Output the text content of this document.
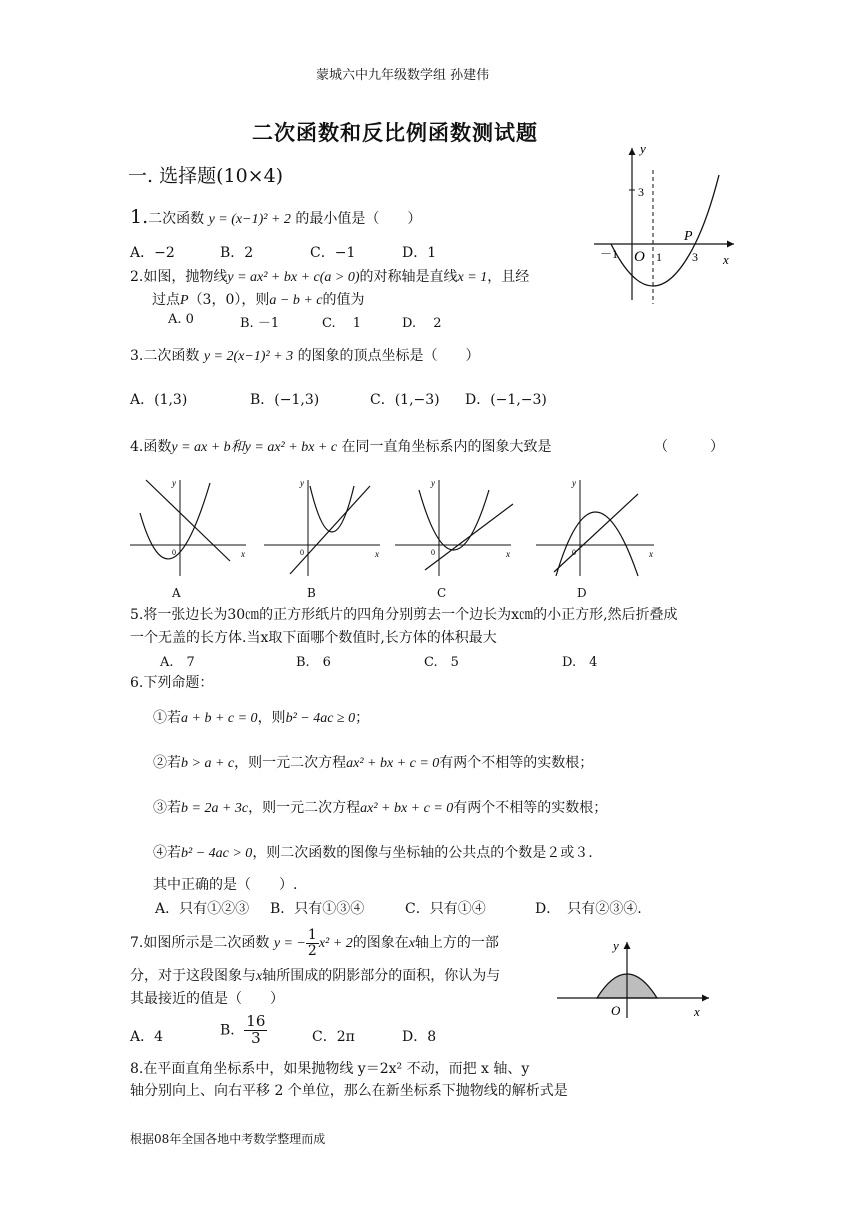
蒙城六中九年级数学组 孙建伟
二次函数和反比例函数测试题
一. 选择题(10×4)
1.二次函数 y = (x−1)² + 2 的最小值是（　　）
A．−2	B．2	C．−1	D．1
2.如图，抛物线y = ax² + bx + c(a > 0)的对称轴是直线x = 1，且经
过点P（3，0），则a − b + c的值为
A. 0	B. －1	C. 　1	D. 　2
y
x
O
P
3
－1	1	3
3.二次函数 y = 2(x−1)² + 3 的图象的顶点坐标是（　　）
A．(1,3)	B．(−1,3)	C．(1,−3) D．(−1,−3)
4.函数y = ax + b和y = ax² + bx + c 在同一直角坐标系内的图象大致是	（　　　）
y
x
0
y
x
0
y
x
0
y
x
0
A	B	C	D
5.将一张边长为30㎝的正方形纸片的四角分别剪去一个边长为x㎝的小正方形,然后折叠成
一个无盖的长方体.当x取下面哪个数值时,长方体的体积最大
A.　7	B.　6	C.　5	D.　4
6.下列命题：
①若a + b + c = 0，则b² − 4ac ≥ 0；
②若b > a + c，则一元二次方程ax² + bx + c = 0有两个不相等的实数根；
③若b = 2a + 3c，则一元二次方程ax² + bx + c = 0有两个不相等的实数根；
④若b² − 4ac > 0，则二次函数的图像与坐标轴的公共点的个数是２或３.
其中正确的是（　　）.
A．只有①②③ B．只有①③④	C．只有①④	D．　只有②③④.
7.如图所示是二次函数 y = − $\frac{1}{2} x^2 + 2$的图象在x轴上方的一部
分，对于这段图象与x轴所围成的阴影部分的面积，你认为与
其最接近的值是（　　）
A．4	B． $\frac{16}{3}$	C．2π	D．8
y
x
O
8.在平面直角坐标系中，如果抛物线 y＝2x² 不动，而把 x 轴、y
轴分别向上、向右平移 2 个单位，那么在新坐标系下抛物线的解析式是
根据08年全国各地中考数学整理而成
